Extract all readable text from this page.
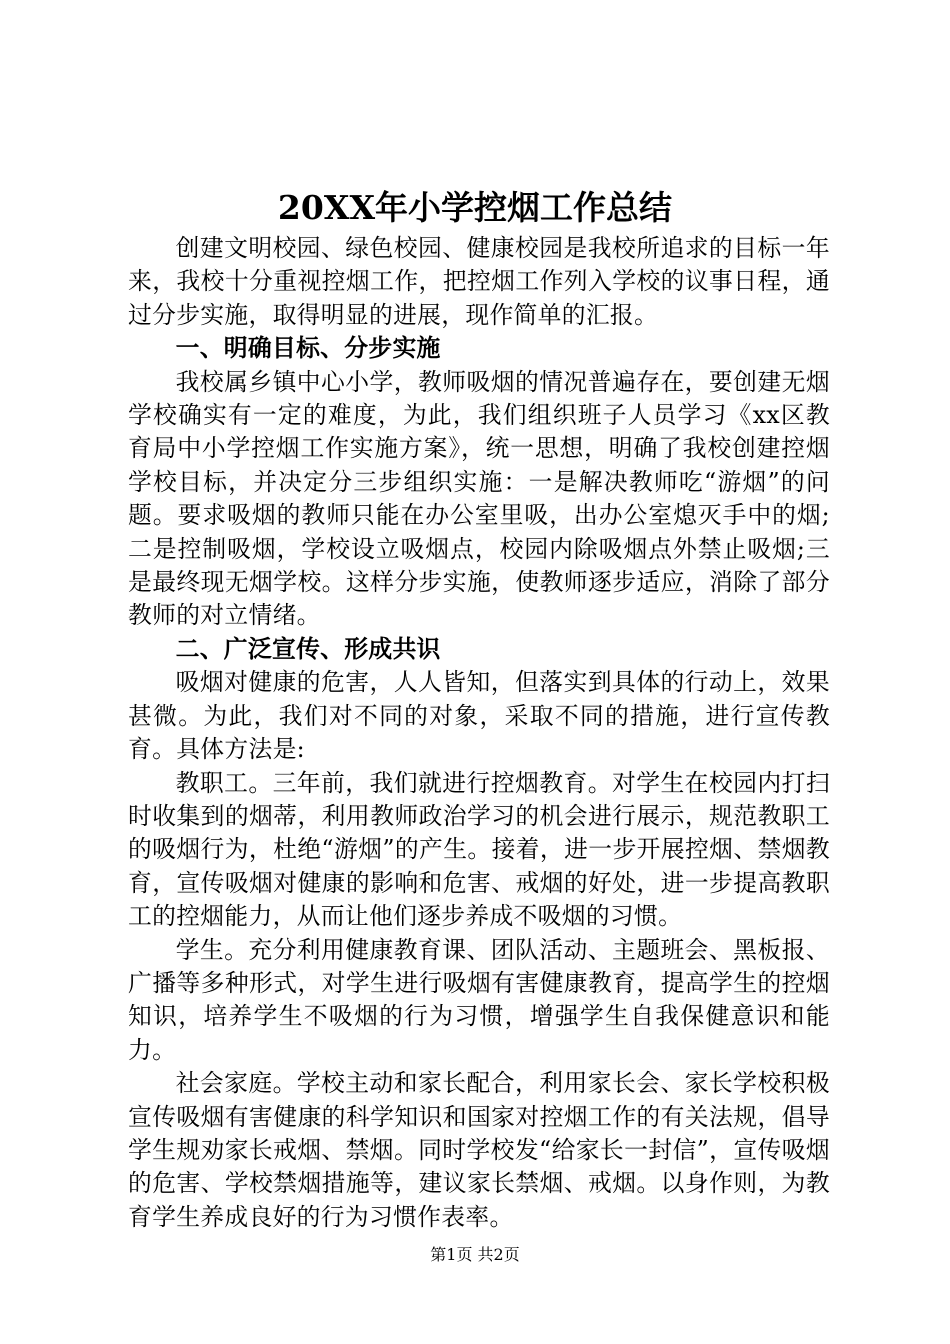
20XX年小学控烟工作总结

创建文明校园、绿色校园、健康校园是我校所追求的目标一年来，我校十分重视控烟工作，把控烟工作列入学校的议事日程，通过分步实施，取得明显的进展，现作简单的汇报。

一、明确目标、分步实施

我校属乡镇中心小学，教师吸烟的情况普遍存在，要创建无烟学校确实有一定的难度，为此，我们组织班子人员学习《xx区教育局中小学控烟工作实施方案》，统一思想，明确了我校创建控烟学校目标，并决定分三步组织实施：一是解决教师吃“游烟”的问题。要求吸烟的教师只能在办公室里吸，出办公室熄灭手中的烟;二是控制吸烟，学校设立吸烟点，校园内除吸烟点外禁止吸烟;三是最终现无烟学校。这样分步实施，使教师逐步适应，消除了部分教师的对立情绪。

二、广泛宣传、形成共识

吸烟对健康的危害，人人皆知，但落实到具体的行动上，效果甚微。为此，我们对不同的对象，采取不同的措施，进行宣传教育。具体方法是:

教职工。三年前，我们就进行控烟教育。对学生在校园内打扫时收集到的烟蒂，利用教师政治学习的机会进行展示，规范教职工的吸烟行为，杜绝“游烟”的产生。接着，进一步开展控烟、禁烟教育，宣传吸烟对健康的影响和危害、戒烟的好处，进一步提高教职工的控烟能力，从而让他们逐步养成不吸烟的习惯。

学生。充分利用健康教育课、团队活动、主题班会、黑板报、广播等多种形式，对学生进行吸烟有害健康教育，提高学生的控烟知识，培养学生不吸烟的行为习惯，增强学生自我保健意识和能力。

社会家庭。学校主动和家长配合，利用家长会、家长学校积极宣传吸烟有害健康的科学知识和国家对控烟工作的有关法规，倡导学生规劝家长戒烟、禁烟。同时学校发“给家长一封信”，宣传吸烟的危害、学校禁烟措施等，建议家长禁烟、戒烟。以身作则，为教育学生养成良好的行为习惯作表率。

第1页 共2页
